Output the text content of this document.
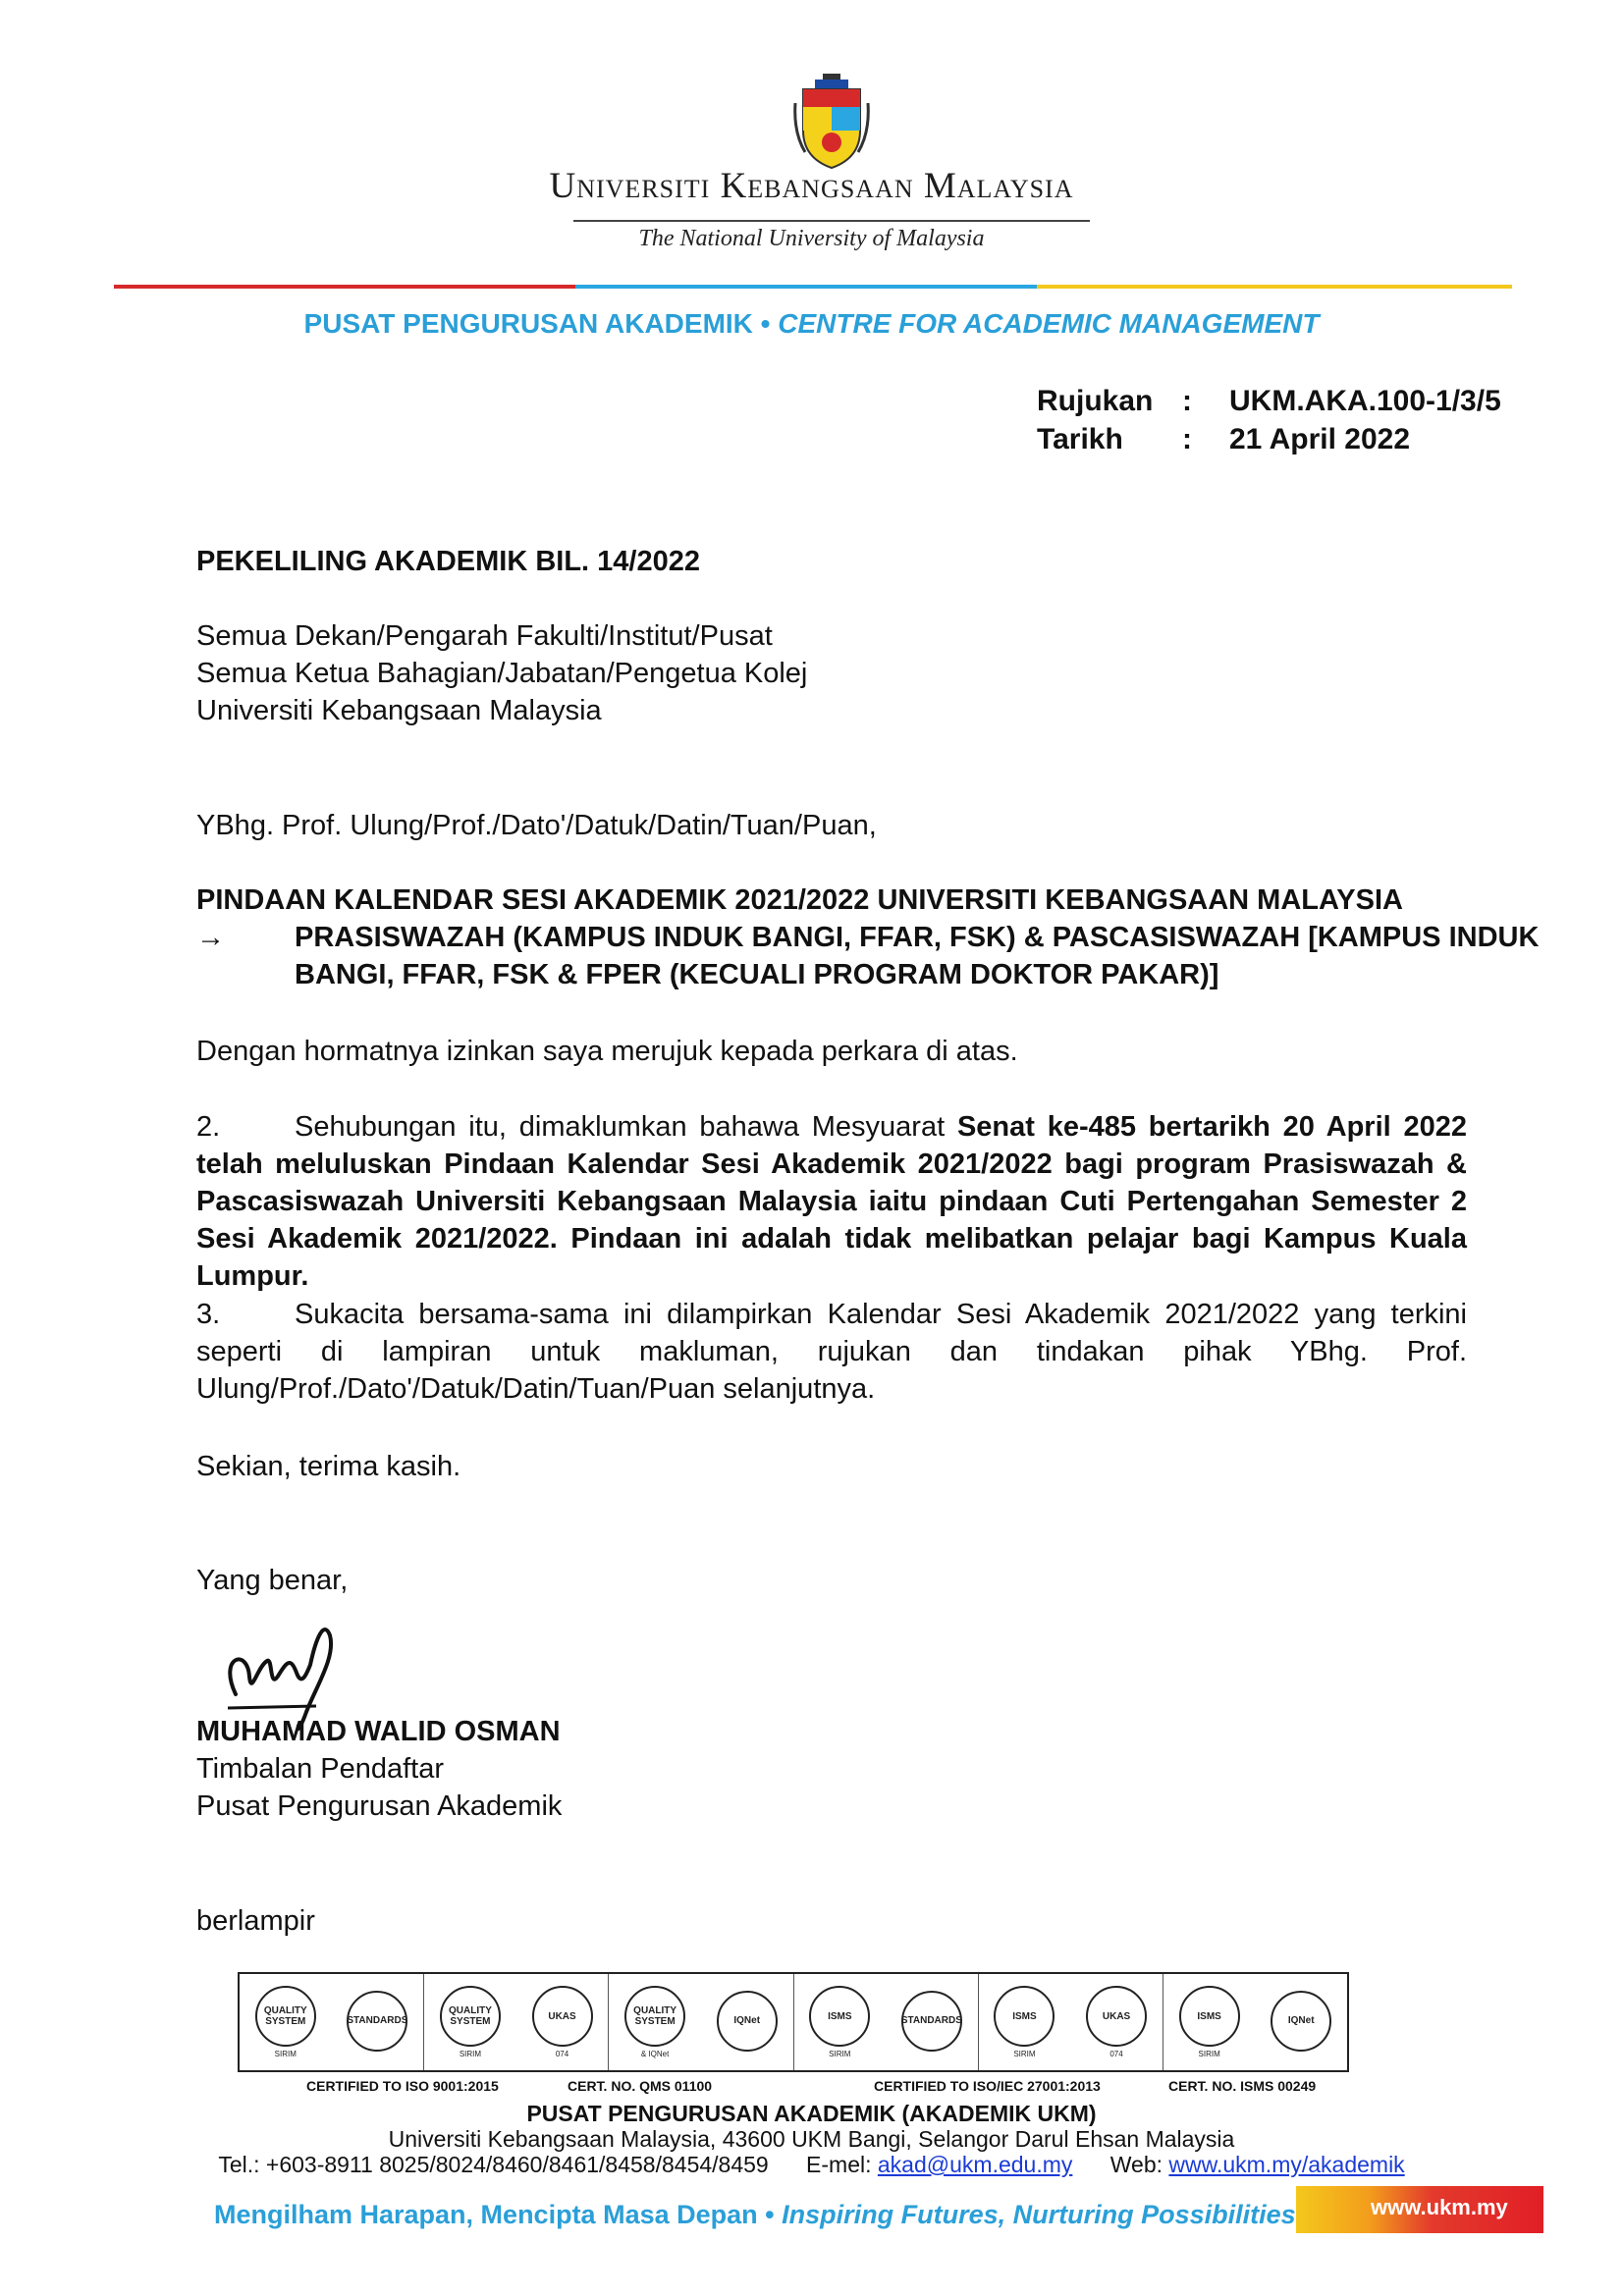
Universiti Kebangsaan Malaysia
The National University of Malaysia
PUSAT PENGURUSAN AKADEMIK • CENTRE FOR ACADEMIC MANAGEMENT
Rujukan : UKM.AKA.100-1/3/5
Tarikh : 21 April 2022
PEKELILING AKADEMIK BIL. 14/2022
Semua Dekan/Pengarah Fakulti/Institut/Pusat
Semua Ketua Bahagian/Jabatan/Pengetua Kolej
Universiti Kebangsaan Malaysia
YBhg. Prof. Ulung/Prof./Dato'/Datuk/Datin/Tuan/Puan,
PINDAAN KALENDAR SESI AKADEMIK 2021/2022 UNIVERSITI KEBANGSAAN MALAYSIA
→ PRASISWAZAH (KAMPUS INDUK BANGI, FFAR, FSK) & PASCASISWAZAH [KAMPUS INDUK
BANGI, FFAR, FSK & FPER (KECUALI PROGRAM DOKTOR PAKAR)]
Dengan hormatnya izinkan saya merujuk kepada perkara di atas.
2.	Sehubungan itu, dimaklumkan bahawa Mesyuarat Senat ke-485 bertarikh 20 April 2022 telah meluluskan Pindaan Kalendar Sesi Akademik 2021/2022 bagi program Prasiswazah & Pascasiswazah Universiti Kebangsaan Malaysia iaitu pindaan Cuti Pertengahan Semester 2 Sesi Akademik 2021/2022. Pindaan ini adalah tidak melibatkan pelajar bagi Kampus Kuala Lumpur.
3.	Sukacita bersama-sama ini dilampirkan Kalendar Sesi Akademik 2021/2022 yang terkini seperti di lampiran untuk makluman, rujukan dan tindakan pihak YBhg. Prof. Ulung/Prof./Dato'/Datuk/Datin/Tuan/Puan selanjutnya.
Sekian, terima kasih.
Yang benar,
MUHAMAD WALID OSMAN
Timbalan Pendaftar
Pusat Pengurusan Akademik
berlampir
QUALITY SYSTEM
SIRIM
STANDARDS
QUALITY SYSTEM
SIRIM
UKAS
074
QUALITY SYSTEM
& IQNet
IQNet	ISMS
SIRIM
STANDARDS	ISMS
SIRIM
UKAS
074
ISMS
SIRIM
IQNet
CERTIFIED TO ISO 9001:2015	CERT. NO. QMS 01100	CERTIFIED TO ISO/IEC 27001:2013	CERT. NO. ISMS 00249
PUSAT PENGURUSAN AKADEMIK (AKADEMIK UKM)
Universiti Kebangsaan Malaysia, 43600 UKM Bangi, Selangor Darul Ehsan Malaysia
Tel.: +603-8911 8025/8024/8460/8461/8458/8454/8459 E-mel: akad@ukm.edu.my Web: www.ukm.my/akademik
Mengilham Harapan, Mencipta Masa Depan • Inspiring Futures, Nurturing Possibilities	www.ukm.my
